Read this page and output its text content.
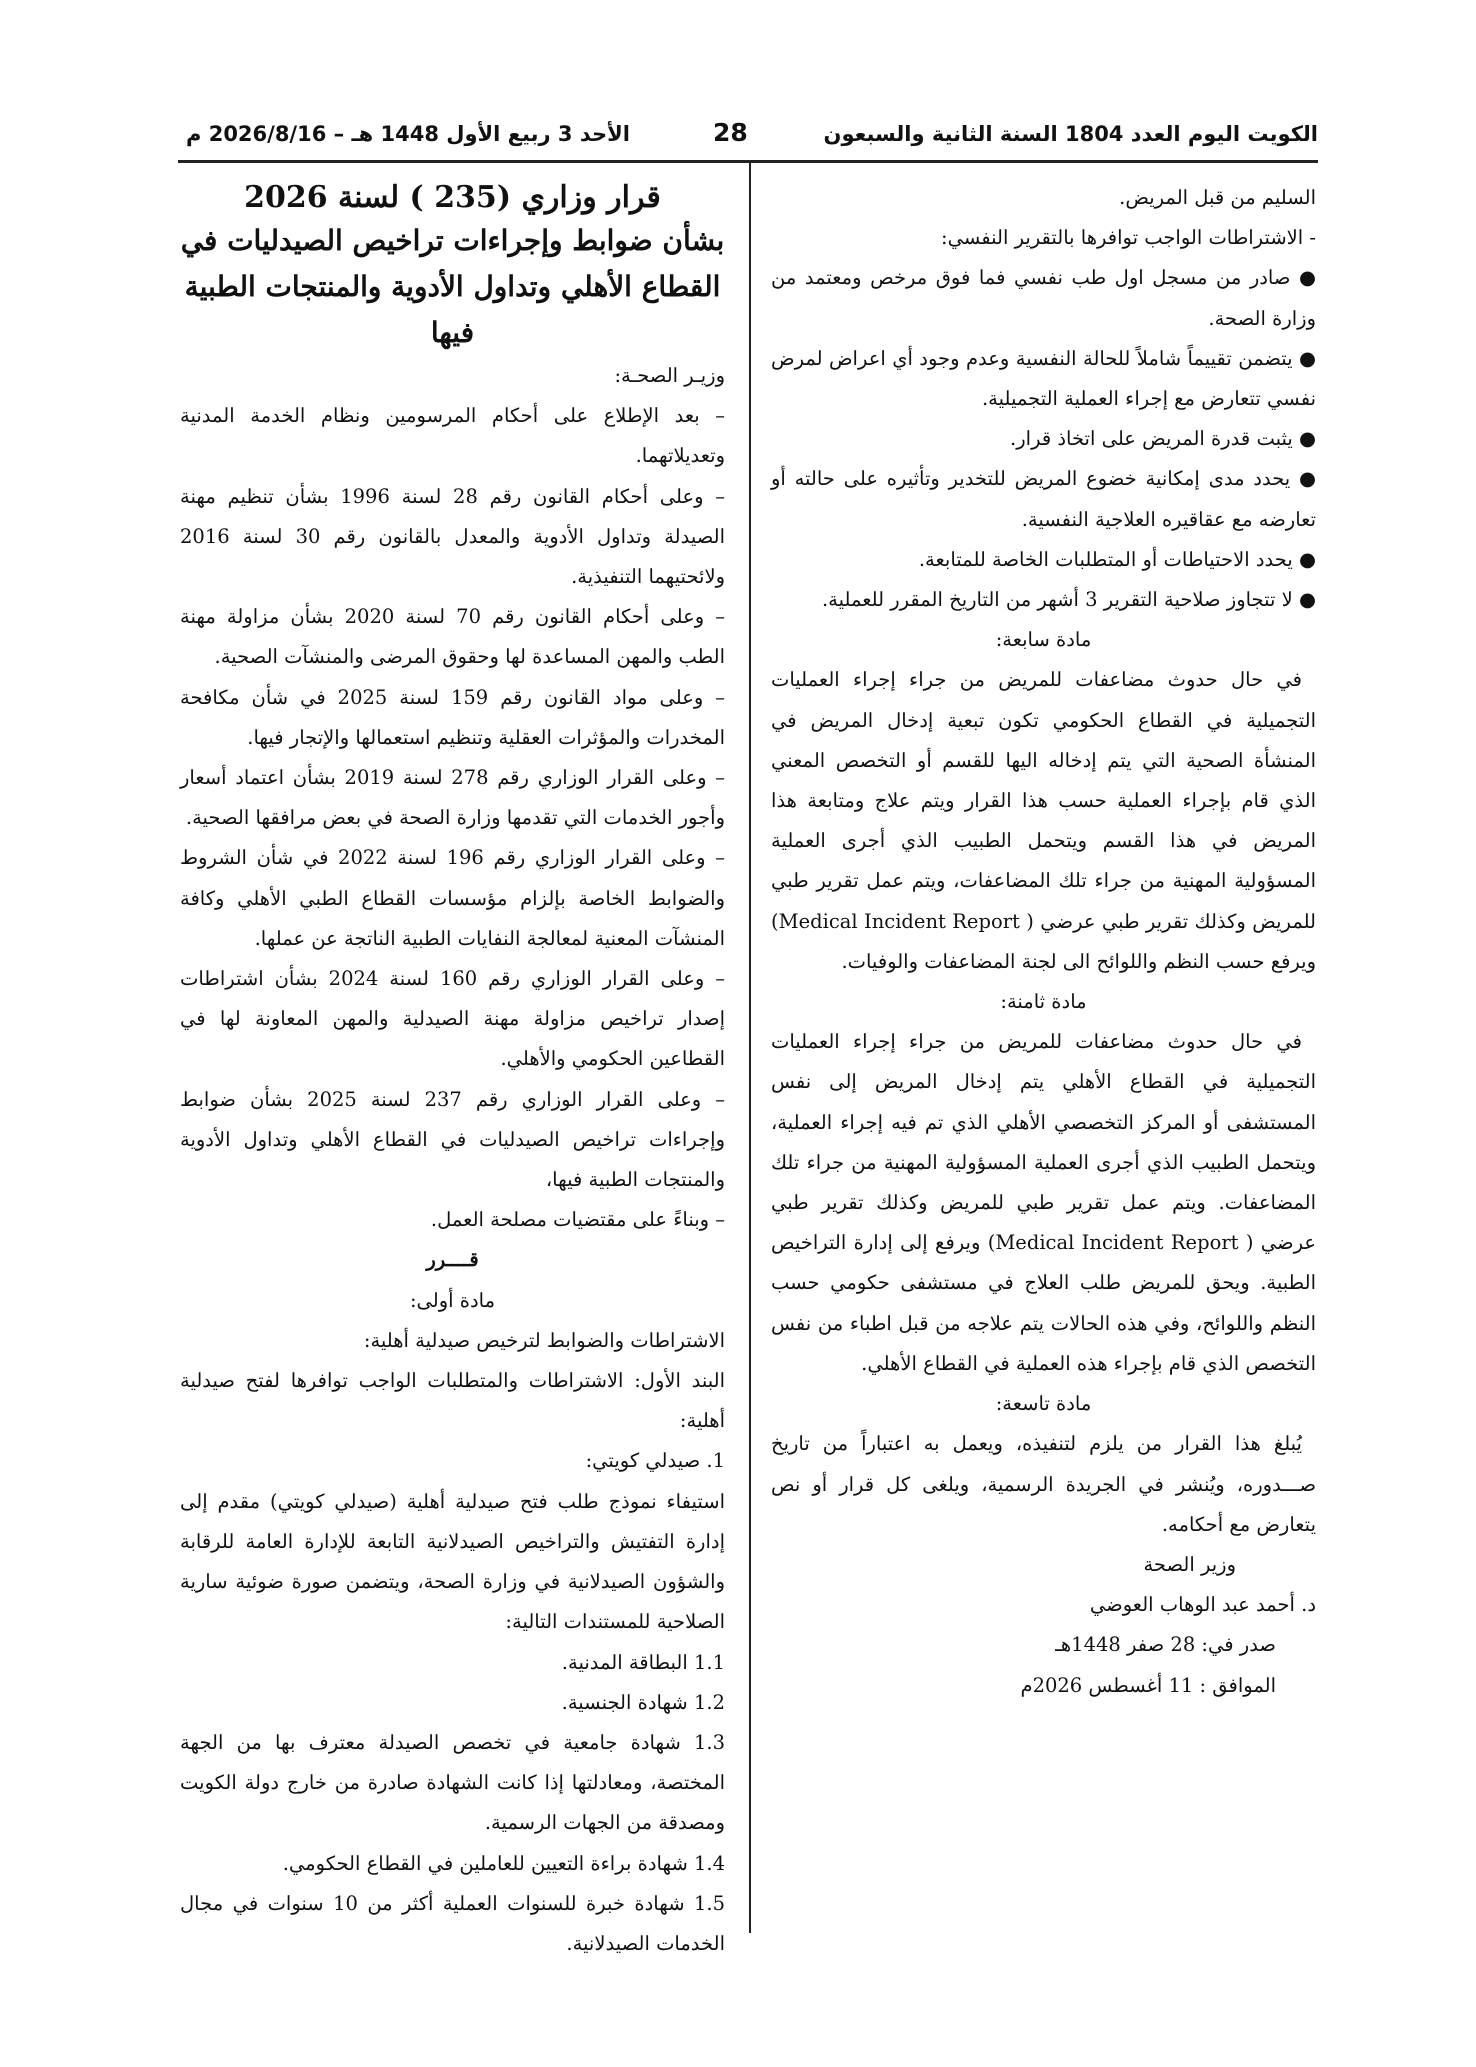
الأحد 3 ربيع الأول 1448 هـ – 2026/8/16 م	28	الكويت اليوم العدد 1804 السنة الثانية والسبعون

السليم من قبل المريض.

- الاشتراطات الواجب توافرها بالتقرير النفسي:

● صادر من مسجل اول طب نفسي فما فوق مرخص ومعتمد من وزارة الصحة.

● يتضمن تقييماً شاملاً للحالة النفسية وعدم وجود أي اعراض لمرض نفسي تتعارض مع إجراء العملية التجميلية.

● يثبت قدرة المريض على اتخاذ قرار.

● يحدد مدى إمكانية خضوع المريض للتخدير وتأثيره على حالته أو تعارضه مع عقاقيره العلاجية النفسية.

● يحدد الاحتياطات أو المتطلبات الخاصة للمتابعة.

● لا تتجاوز صلاحية التقرير 3 أشهر من التاريخ المقرر للعملية.

مادة سابعة:

في حال حدوث مضاعفات للمريض من جراء إجراء العمليات التجميلية في القطاع الحكومي تكون تبعية إدخال المريض في المنشأة الصحية التي يتم إدخاله اليها للقسم أو التخصص المعني الذي قام بإجراء العملية حسب هذا القرار ويتم علاج ومتابعة هذا المريض في هذا القسم ويتحمل الطبيب الذي أجرى العملية المسؤولية المهنية من جراء تلك المضاعفات، ويتم عمل تقرير طبي للمريض وكذلك تقرير طبي عرضي ( Medical Incident Report) ويرفع حسب النظم واللوائح الى لجنة المضاعفات والوفيات.

مادة ثامنة:

في حال حدوث مضاعفات للمريض من جراء إجراء العمليات التجميلية في القطاع الأهلي يتم إدخال المريض إلى نفس المستشفى أو المركز التخصصي الأهلي الذي تم فيه إجراء العملية، ويتحمل الطبيب الذي أجرى العملية المسؤولية المهنية من جراء تلك المضاعفات. ويتم عمل تقرير طبي للمريض وكذلك تقرير طبي عرضي ( Medical Incident Report) ويرفع إلى إدارة التراخيص الطبية. ويحق للمريض طلب العلاج في مستشفى حكومي حسب النظم واللوائح، وفي هذه الحالات يتم علاجه من قبل اطباء من نفس التخصص الذي قام بإجراء هذه العملية في القطاع الأهلي.

مادة تاسعة:

يُبلغ هذا القرار من يلزم لتنفيذه، ويعمل به اعتباراً من تاريخ صـــدوره، ويُنشر في الجريدة الرسمية، ويلغى كل قرار أو نص يتعارض مع أحكامه.

وزير الصحة

د. أحمد عبد الوهاب العوضي

صدر في: 28 صفر 1448هـ

الموافق : 11 أغسطس 2026م

قرار وزاري (235 ) لسنة 2026

بشأن ضوابط وإجراءات تراخيص الصيدليات في القطاع الأهلي وتداول الأدوية والمنتجات الطبية فيها

وزيـر الصحـة:

– بعد الإطلاع على أحكام المرسومين ونظام الخدمة المدنية وتعديلاتهما.

– وعلى أحكام القانون رقم 28 لسنة 1996 بشأن تنظيم مهنة الصيدلة وتداول الأدوية والمعدل بالقانون رقم 30 لسنة 2016 ولائحتيهما التنفيذية.

– وعلى أحكام القانون رقم 70 لسنة 2020 بشأن مزاولة مهنة الطب والمهن المساعدة لها وحقوق المرضى والمنشآت الصحية.

– وعلى مواد القانون رقم 159 لسنة 2025 في شأن مكافحة المخدرات والمؤثرات العقلية وتنظيم استعمالها والإتجار فيها.

– وعلى القرار الوزاري رقم 278 لسنة 2019 بشأن اعتماد أسعار وأجور الخدمات التي تقدمها وزارة الصحة في بعض مرافقها الصحية.

– وعلى القرار الوزاري رقم 196 لسنة 2022 في شأن الشروط والضوابط الخاصة بإلزام مؤسسات القطاع الطبي الأهلي وكافة المنشآت المعنية لمعالجة النفايات الطبية الناتجة عن عملها.

– وعلى القرار الوزاري رقم 160 لسنة 2024 بشأن اشتراطات إصدار تراخيص مزاولة مهنة الصيدلية والمهن المعاونة لها في القطاعين الحكومي والأهلي.

– وعلى القرار الوزاري رقم 237 لسنة 2025 بشأن ضوابط وإجراءات تراخيص الصيدليات في القطاع الأهلي وتداول الأدوية والمنتجات الطبية فيها،

– وبناءً على مقتضيات مصلحة العمل.

قــــرر

مادة أولى:

الاشتراطات والضوابط لترخيص صيدلية أهلية:

البند الأول: الاشتراطات والمتطلبات الواجب توافرها لفتح صيدلية أهلية:

1. صيدلي كويتي:

استيفاء نموذج طلب فتح صيدلية أهلية (صيدلي كويتي) مقدم إلى إدارة التفتيش والتراخيص الصيدلانية التابعة للإدارة العامة للرقابة والشؤون الصيدلانية في وزارة الصحة، ويتضمن صورة ضوئية سارية الصلاحية للمستندات التالية:

1.1 البطاقة المدنية.

1.2 شهادة الجنسية.

1.3 شهادة جامعية في تخصص الصيدلة معترف بها من الجهة المختصة، ومعادلتها إذا كانت الشهادة صادرة من خارج دولة الكويت ومصدقة من الجهات الرسمية.

1.4 شهادة براءة التعيين للعاملين في القطاع الحكومي.

1.5 شهادة خبرة للسنوات العملية أكثر من 10 سنوات في مجال الخدمات الصيدلانية.
